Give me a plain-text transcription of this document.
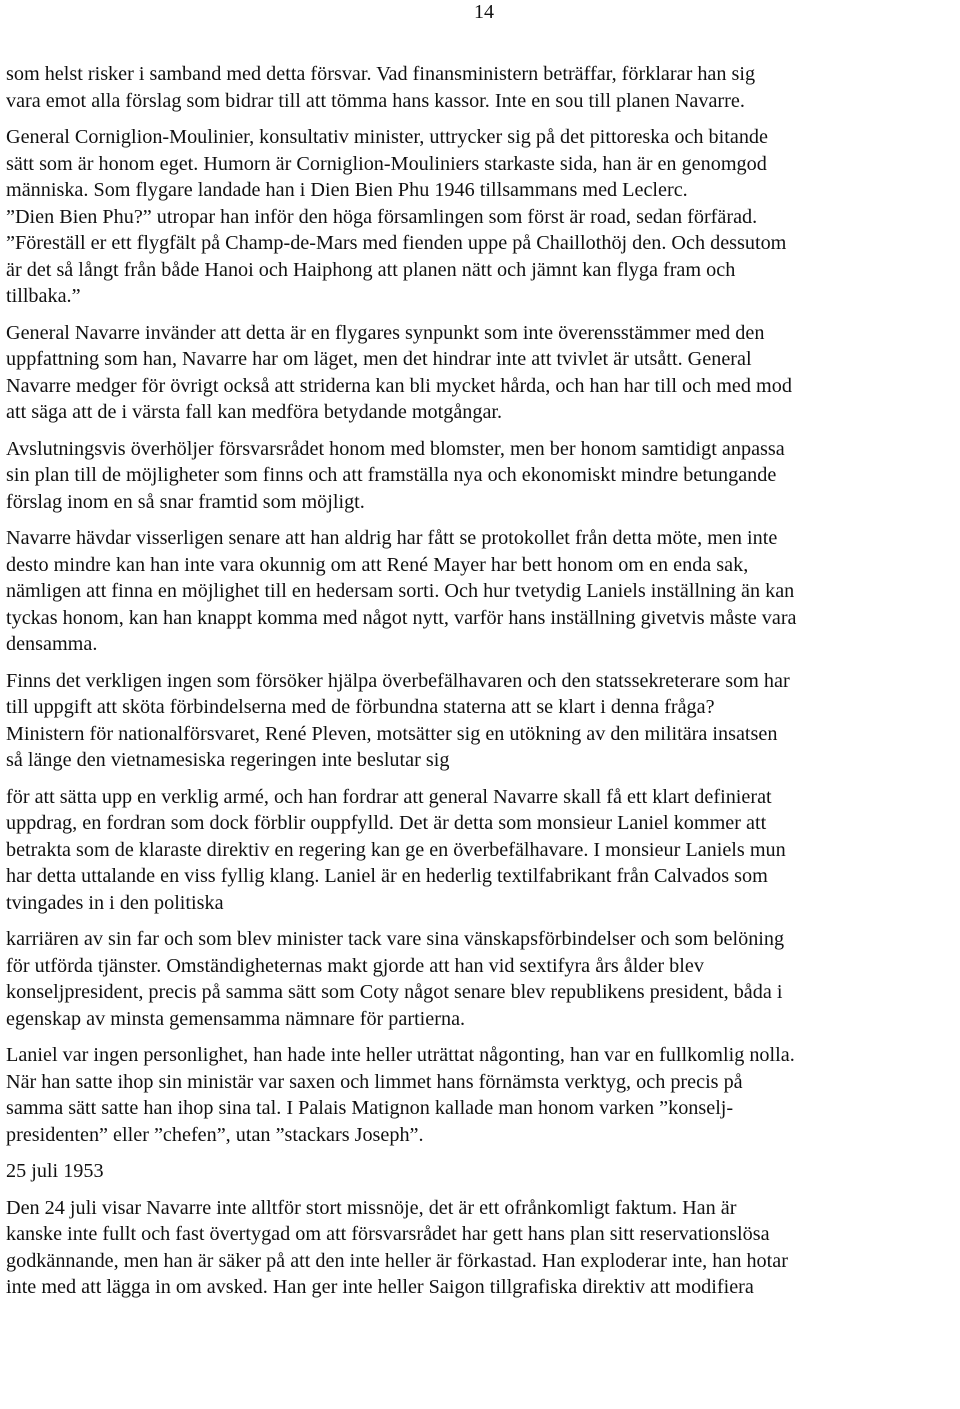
14

som helst risker i samband med detta försvar. Vad finansministern beträffar, förklarar han sig
vara emot alla förslag som bidrar till att tömma hans kassor. Inte en sou till planen Navarre.

General Corniglion-Moulinier, konsultativ minister, uttrycker sig på det pittoreska och bitande
sätt som är honom eget. Humorn är Corniglion-Mouliniers starkaste sida, han är en genomgod
människa. Som flygare landade han i Dien Bien Phu 1946 tillsammans med Leclerc.
”Dien Bien Phu?” utropar han inför den höga församlingen som först är road, sedan förfärad.
”Föreställ er ett flygfält på Champ-de-Mars med fienden uppe på Chaillothöj den. Och dessutom
är det så långt från både Hanoi och Haiphong att planen nätt och jämnt kan flyga fram och
tillbaka.”

General Navarre invänder att detta är en flygares synpunkt som inte överensstämmer med den
uppfattning som han, Navarre har om läget, men det hindrar inte att tvivlet är utsått. General
Navarre medger för övrigt också att striderna kan bli mycket hårda, och han har till och med mod
att säga att de i värsta fall kan medföra betydande motgångar.

Avslutningsvis överhöljer försvarsrådet honom med blomster, men ber honom samtidigt anpassa
sin plan till de möjligheter som finns och att framställa nya och ekonomiskt mindre betungande
förslag inom en så snar framtid som möjligt.

Navarre hävdar visserligen senare att han aldrig har fått se protokollet från detta möte, men inte
desto mindre kan han inte vara okunnig om att René Mayer har bett honom om en enda sak,
nämligen att finna en möjlighet till en hedersam sorti. Och hur tvetydig Laniels inställning än kan
tyckas honom, kan han knappt komma med något nytt, varför hans inställning givetvis måste vara
densamma.

Finns det verkligen ingen som försöker hjälpa överbefälhavaren och den statssekreterare som har
till uppgift att sköta förbindelserna med de förbundna staterna att se klart i denna fråga?
Ministern för nationalförsvaret, René Pleven, motsätter sig en utökning av den militära insatsen
så länge den vietnamesiska regeringen inte beslutar sig

för att sätta upp en verklig armé, och han fordrar att general Navarre skall få ett klart definierat
uppdrag, en fordran som dock förblir ouppfylld. Det är detta som monsieur Laniel kommer att
betrakta som de klaraste direktiv en regering kan ge en överbefälhavare. I monsieur Laniels mun
har detta uttalande en viss fyllig klang. Laniel är en hederlig textilfabrikant från Calvados som
tvingades in i den politiska

karriären av sin far och som blev minister tack vare sina vänskapsförbindelser och som belöning
för utförda tjänster. Omständigheternas makt gjorde att han vid sextifyra års ålder blev
konseljpresident, precis på samma sätt som Coty något senare blev republikens president, båda i
egenskap av minsta gemensamma nämnare för partierna.

Laniel var ingen personlighet, han hade inte heller uträttat någonting, han var en fullkomlig nolla.
När han satte ihop sin ministär var saxen och limmet hans förnämsta verktyg, och precis på
samma sätt satte han ihop sina tal. I Palais Matignon kallade man honom varken ”konselj-
presidenten” eller ”chefen”, utan ”stackars Joseph”.

25 juli 1953

Den 24 juli visar Navarre inte alltför stort missnöje, det är ett ofrånkomligt faktum. Han är
kanske inte fullt och fast övertygad om att försvarsrådet har gett hans plan sitt reservationslösa
godkännande, men han är säker på att den inte heller är förkastad. Han exploderar inte, han hotar
inte med att lägga in om avsked. Han ger inte heller Saigon tillgrafiska direktiv att modifiera
